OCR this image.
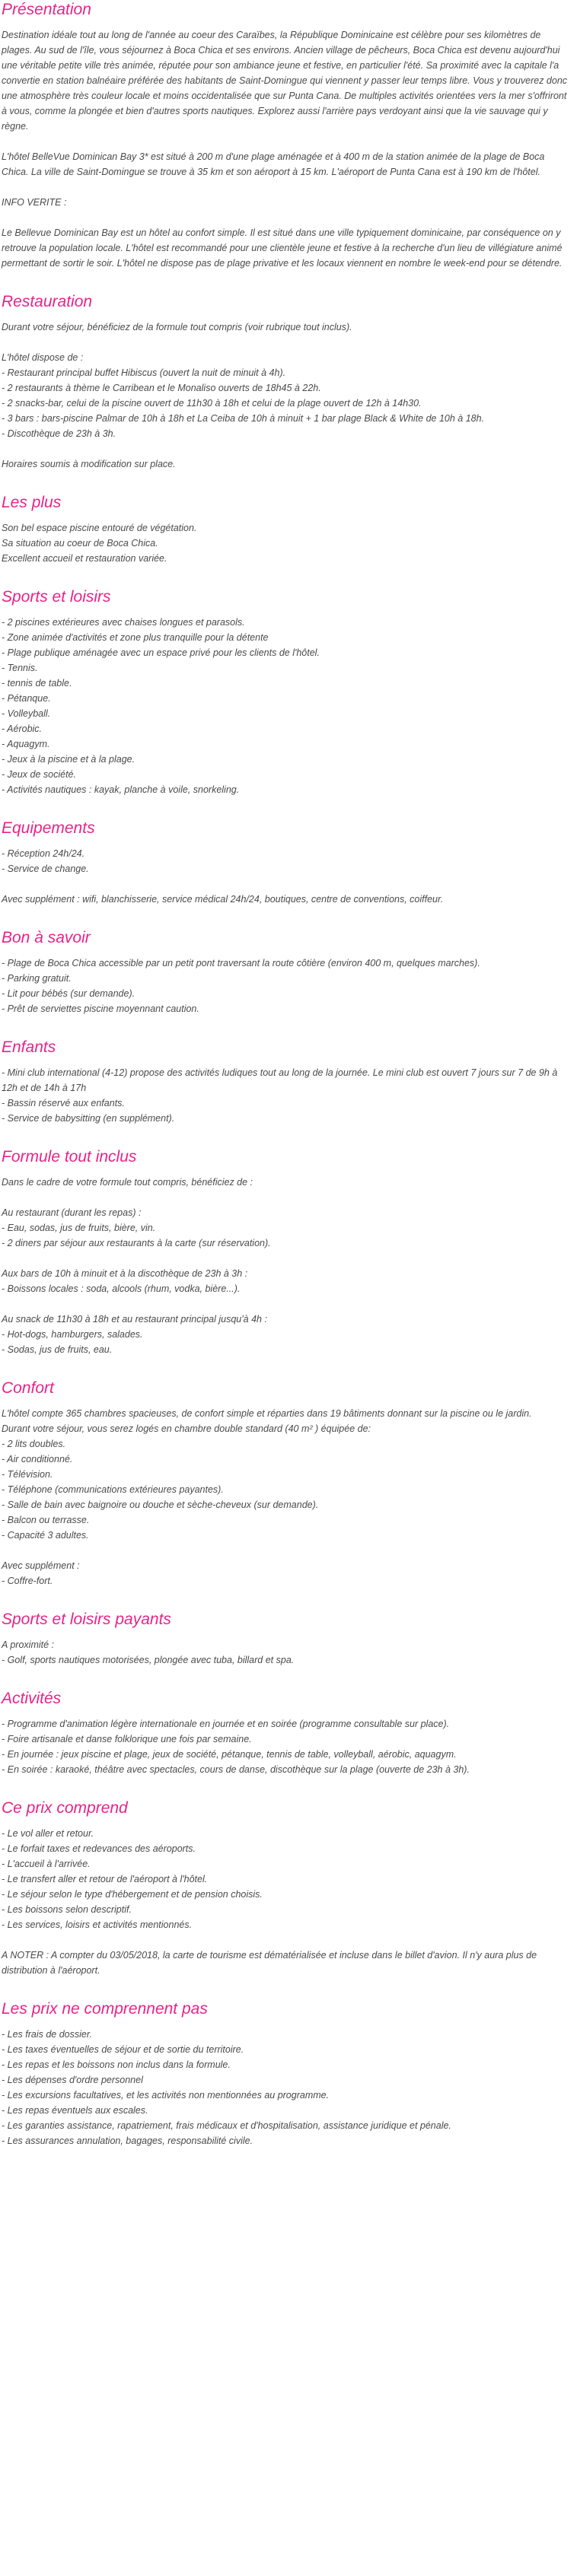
Présentation

Destination idéale tout au long de l'année au coeur des Caraïbes, la République Dominicaine est célèbre pour ses kilomètres de plages. Au sud de l'île, vous séjournez à Boca Chica et ses environs. Ancien village de pêcheurs, Boca Chica est devenu aujourd'hui une véritable petite ville très animée, réputée pour son ambiance jeune et festive, en particulier l'été. Sa proximité avec la capitale l'a convertie en station balnéaire préférée des habitants de Saint-Domingue qui viennent y passer leur temps libre. Vous y trouverez donc une atmosphère très couleur locale et moins occidentalisée que sur Punta Cana. De multiples activités orientées vers la mer s'offriront à vous, comme la plongée et bien d'autres sports nautiques. Explorez aussi l'arrière pays verdoyant ainsi que la vie sauvage qui y règne.

L'hôtel BelleVue Dominican Bay 3* est situé à 200 m d'une plage aménagée et à 400 m de la station animée de la plage de Boca Chica. La ville de Saint-Domingue se trouve à 35 km et son aéroport à 15 km. L'aéroport de Punta Cana est à 190 km de l'hôtel.

INFO VERITE :

Le Bellevue Dominican Bay est un hôtel au confort simple. Il est situé dans une ville typiquement dominicaine, par conséquence on y retrouve la population locale. L'hôtel est recommandé pour une clientèle jeune et festive à la recherche d'un lieu de villégiature animé permettant de sortir le soir. L'hôtel ne dispose pas de plage privative et les locaux viennent en nombre le week-end pour se détendre.

Restauration

Durant votre séjour, bénéficiez de la formule tout compris (voir rubrique tout inclus).

L'hôtel dispose de :

- Restaurant principal buffet Hibiscus (ouvert la nuit de minuit à 4h).

- 2 restaurants à thème le Carribean et le Monaliso ouverts de 18h45 à 22h.

- 2 snacks-bar, celui de la piscine ouvert de 11h30 à 18h et celui de la plage ouvert de 12h à 14h30.

- 3 bars : bars-piscine Palmar de 10h à 18h et La Ceiba de 10h à minuit + 1 bar plage Black & White de 10h à 18h.

- Discothèque de 23h à 3h.

Horaires soumis à modification sur place.

Les plus

Son bel espace piscine entouré de végétation.

Sa situation au coeur de Boca Chica.

Excellent accueil et restauration variée.

Sports et loisirs

- 2 piscines extérieures avec chaises longues et parasols.

- Zone animée d'activités et zone plus tranquille pour la détente

- Plage publique aménagée avec un espace privé pour les clients de l'hôtel.

- Tennis.

- tennis de table.

- Pétanque.

- Volleyball.

- Aérobic.

- Aquagym.

- Jeux à la piscine et à la plage.

- Jeux de société.

- Activités nautiques : kayak, planche à voile, snorkeling.

Equipements

- Réception 24h/24.

- Service de change.

Avec supplément : wifi, blanchisserie, service médical 24h/24, boutiques, centre de conventions, coiffeur.

Bon à savoir

- Plage de Boca Chica accessible par un petit pont traversant la route côtière (environ 400 m, quelques marches).

- Parking gratuit.

- Lit pour bébés (sur demande).

- Prêt de serviettes piscine moyennant caution.

Enfants

- Mini club international (4-12) propose des activités ludiques tout au long de la journée. Le mini club est ouvert 7 jours sur 7 de 9h à 12h et de 14h à 17h

- Bassin réservé aux enfants.

- Service de babysitting (en supplément).

Formule tout inclus

Dans le cadre de votre formule tout compris, bénéficiez de :

Au restaurant (durant les repas) :

- Eau, sodas, jus de fruits, bière, vin.

- 2 diners par séjour aux restaurants à la carte (sur réservation).

Aux bars de 10h à minuit et à la discothèque de 23h à 3h :

- Boissons locales : soda, alcools (rhum, vodka, bière...).

Au snack de 11h30 à 18h et au restaurant principal jusqu'à 4h :

- Hot-dogs, hamburgers, salades.

- Sodas, jus de fruits, eau.

Confort

L'hôtel compte 365 chambres spacieuses, de confort simple et réparties dans 19 bâtiments donnant sur la piscine ou le jardin.

Durant votre séjour, vous serez logés en chambre double standard (40 m² ) équipée de:

- 2 lits doubles.

- Air conditionné.

- Télévision.

- Téléphone (communications extérieures payantes).

- Salle de bain avec baignoire ou douche et sèche-cheveux (sur demande).

- Balcon ou terrasse.

- Capacité 3 adultes.

Avec supplément :

- Coffre-fort.

Sports et loisirs payants

A proximité :

- Golf, sports nautiques motorisées, plongée avec tuba, billard et spa.

Activités

- Programme d'animation légère internationale en journée et en soirée (programme consultable sur place).

- Foire artisanale et danse folklorique une fois par semaine.

- En journée : jeux piscine et plage, jeux de société, pétanque, tennis de table, volleyball, aérobic, aquagym.

- En soirée : karaoké, théâtre avec spectacles, cours de danse, discothèque sur la plage (ouverte de 23h à 3h).

Ce prix comprend

- Le vol aller et retour.

- Le forfait taxes et redevances des aéroports.

- L'accueil à l'arrivée.

- Le transfert aller et retour de l'aéroport à l'hôtel.

- Le séjour selon le type d'hébergement et de pension choisis.

- Les boissons selon descriptif.

- Les services, loisirs et activités mentionnés.

A NOTER : A compter du 03/05/2018, la carte de tourisme est dématérialisée et incluse dans le billet d'avion. Il n'y aura plus de distribution à l'aéroport.

Les prix ne comprennent pas

- Les frais de dossier.

- Les taxes éventuelles de séjour et de sortie du territoire.

- Les repas et les boissons non inclus dans la formule.

- Les dépenses d'ordre personnel

- Les excursions facultatives, et les activités non mentionnées au programme.

- Les repas éventuels aux escales.

- Les garanties assistance, rapatriement, frais médicaux et d'hospitalisation, assistance juridique et pénale.

- Les assurances annulation, bagages, responsabilité civile.
